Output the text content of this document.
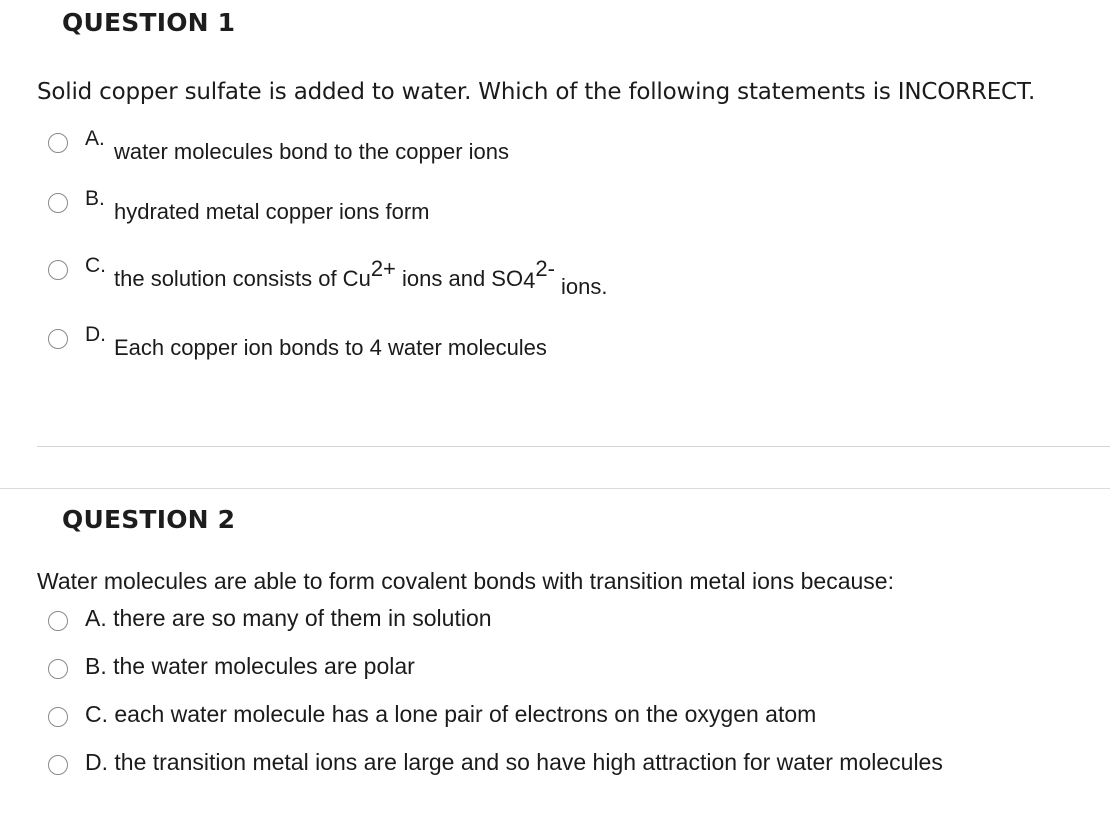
QUESTION 1
Solid copper sulfate is added to water. Which of the following statements is INCORRECT.
A.
water molecules bond to the copper ions
B.
hydrated metal copper ions form
C.
the solution consists of $Cu^{2+}$ ions and $SO_4^{2-}$ ions.
D.
Each copper ion bonds to 4 water molecules
QUESTION 2
Water molecules are able to form covalent bonds with transition metal ions because:
A. there are so many of them in solution
B. the water molecules are polar
C. each water molecule has a lone pair of electrons on the oxygen atom
D. the transition metal ions are large and so have high attraction for water molecules
